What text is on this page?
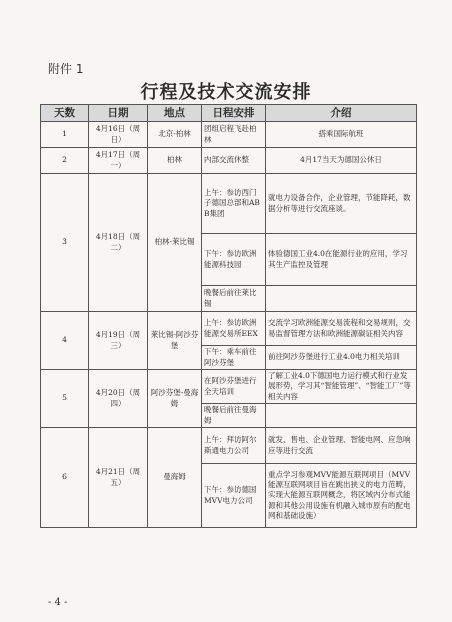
附件 1
行程及技术交流安排
天数	日期	地点	日程安排	介绍
1	4月16日（周日）	北京-柏林	团组启程飞赴柏林	搭乘国际航班
2	4月17日（周一）	柏林	内部交流休整	4月17当天为德国公休日
3	4月18日（周二）	柏林-莱比锡	上午：参访西门子德国总部和ABB集团	就电力设备合作，企业管理，节能降耗，数据分析等进行交流座谈。
			下午：参访欧洲能源科技园	体验德国工业4.0在能源行业的应用，学习其生产监控及管理
			晚餐后前往莱比锡	
4	4月19日（周三）	莱比锡-阿沙芬堡	上午：参访欧洲能源交易所EEX	交流学习欧洲能源交易流程和交易规则，交易监督管理方法和欧洲能源碳证相关内容
			下午：乘车前往阿沙芬堡	前往阿沙芬堡进行工业4.0电力相关培训
5	4月20日（周四）	阿沙芬堡-曼海姆	在阿沙芬堡进行全天培训	了解工业4.0下德国电力运行模式和行业发展形势，学习其“智能管理”、“智能工厂”等相关内容
			晚餐后前往曼海姆	
6	4月21日（周五）	曼海姆	上午：拜访阿尔斯通电力公司	就发、售电、企业管理、智能电网、应急响应等进行交流
			下午：参访德国MVV电力公司	重点学习参观MVV能源互联网项目（MVV能源互联网项目旨在跳出狭义的电力范畴，实现大能源互联网概念，将区域内分布式能源和其他公用设施有机融入城市原有的配电网和基础设施）
- 4 -
